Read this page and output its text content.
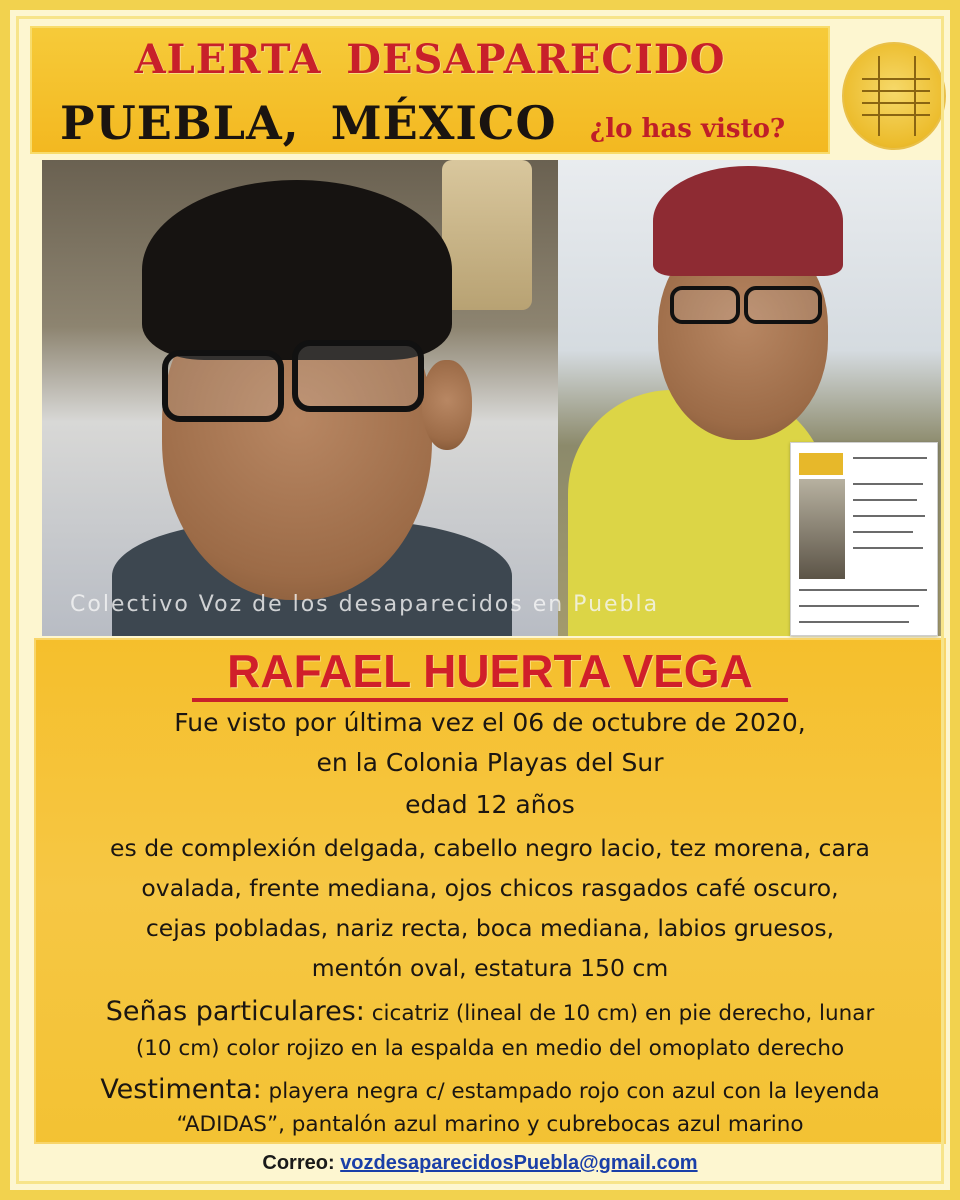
ALERTA DESAPARECIDO
PUEBLA, MÉXICO ¿lo has visto?
Colectivo Voz de los desaparecidos en Puebla
RAFAEL HUERTA VEGA
Fue visto por última vez el 06 de octubre de 2020,
en la Colonia Playas del Sur
edad 12 años
es de complexión delgada, cabello negro lacio, tez morena, cara
ovalada, frente mediana, ojos chicos rasgados café oscuro,
cejas pobladas, nariz recta, boca mediana, labios gruesos,
mentón oval, estatura 150 cm
Señas particulares: cicatriz (lineal de 10 cm) en pie derecho, lunar
(10 cm) color rojizo en la espalda en medio del omoplato derecho
Vestimenta: playera negra c/ estampado rojo con azul con la leyenda
“ADIDAS”, pantalón azul marino y cubrebocas azul marino
Correo: vozdesaparecidosPuebla@gmail.com
